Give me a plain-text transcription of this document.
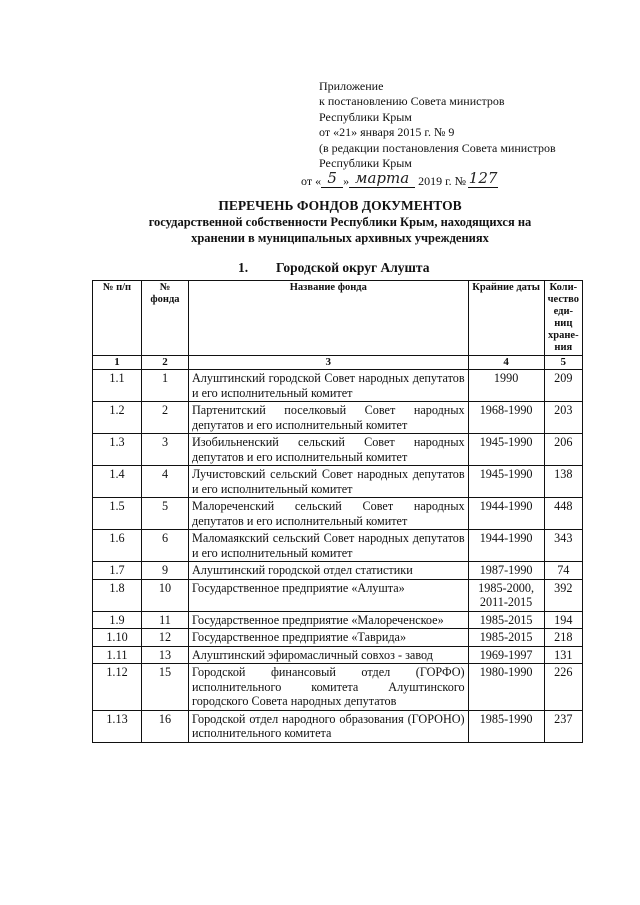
Приложение
к постановлению Совета министров
Республики Крым
от «21» января 2015 г. № 9
(в редакции постановления Совета министров
Республики Крым
от « 5 » марта 2019 г. № 127
ПЕРЕЧЕНЬ ФОНДОВ ДОКУМЕНТОВ
государственной собственности Республики Крым, находящихся на
хранении в муниципальных архивных учреждениях
1. Городской округ Алушта
№ п/п	№ фонда	Название фонда	Крайние даты	Коли-чество еди-ниц хране-ния
1	2	3	4	5
1.1	1	Алуштинский городской Совет народных депутатов и его исполнительный комитет	1990	209
1.2	2	Партенитский поселковый Совет народных депутатов и его исполнительный комитет	1968-1990	203
1.3	3	Изобильненский сельский Совет народных депутатов и его исполнительный комитет	1945-1990	206
1.4	4	Лучистовский сельский Совет народных депутатов и его исполнительный комитет	1945-1990	138
1.5	5	Малореченский сельский Совет народных депутатов и его исполнительный комитет	1944-1990	448
1.6	6	Маломаякский сельский Совет народных депутатов и его исполнительный комитет	1944-1990	343
1.7	9	Алуштинский городской отдел статистики	1987-1990	74
1.8	10	Государственное предприятие «Алушта»	1985-2000, 2011-2015	392
1.9	11	Государственное предприятие «Малореченское»	1985-2015	194
1.10	12	Государственное предприятие «Таврида»	1985-2015	218
1.11	13	Алуштинский эфиромасличный совхоз - завод	1969-1997	131
1.12	15	Городской финансовый отдел (ГОРФО) исполнительного комитета Алуштинского городского Совета народных депутатов	1980-1990	226
1.13	16	Городской отдел народного образования (ГОРОНО) исполнительного комитета	1985-1990	237
